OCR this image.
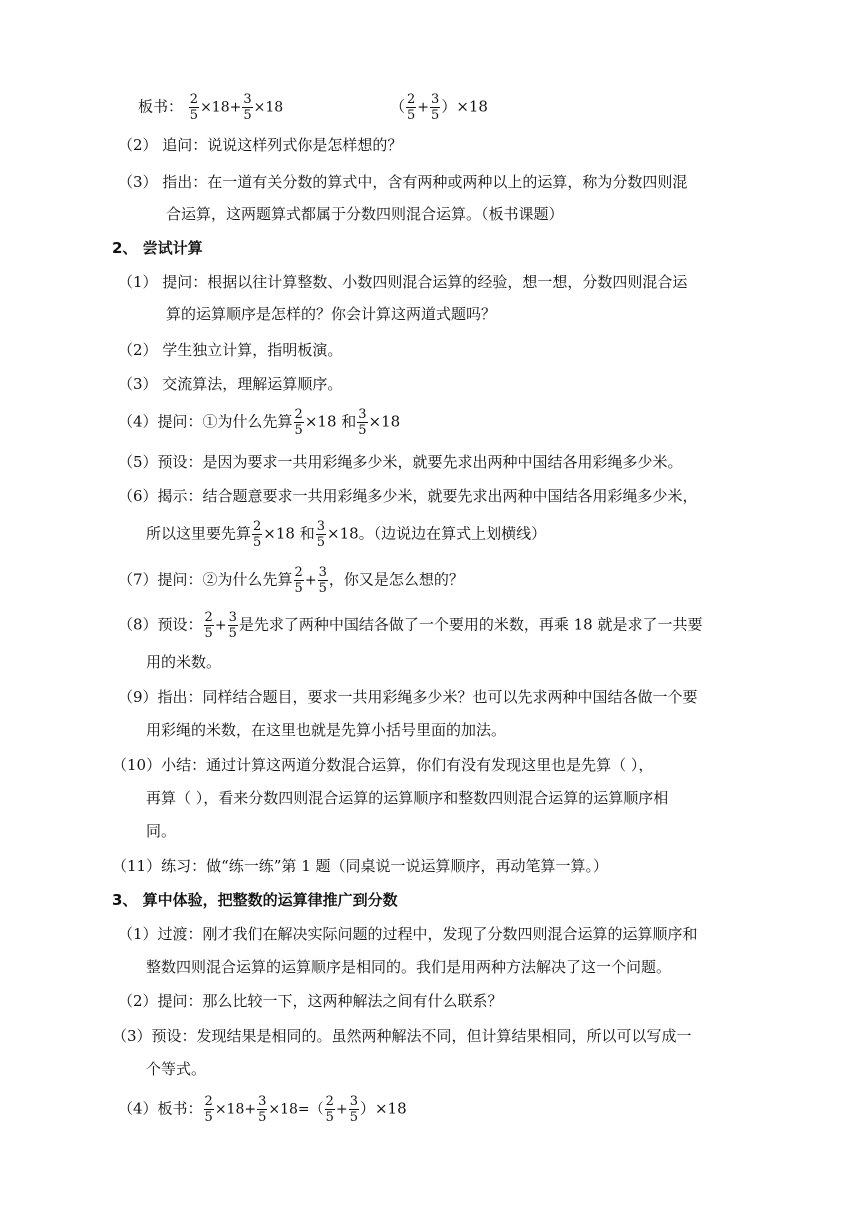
板书： $\frac{2}{5} \times 18+ \frac{3}{5} \times 18$	（ $\frac{2}{5} + \frac{3}{5} )\times 18$
（2） 追问：说说这样列式你是怎样想的？
（3） 指出：在一道有关分数的算式中，含有两种或两种以上的运算，称为分数四则混
合运算，这两题算式都属于分数四则混合运算。（板书课题）
2、 尝试计算
（1） 提问：根据以往计算整数、小数四则混合运算的经验，想一想，分数四则混合运
算的运算顺序是怎样的？你会计算这两道式题吗？
（2） 学生独立计算，指明板演。
（3） 交流算法，理解运算顺序。
（4）提问：①为什么先算 $\frac{2}{5} \times 18$ 和 $\frac{3}{5} \times 18$
（5）预设：是因为要求一共用彩绳多少米，就要先求出两种中国结各用彩绳多少米。
（6）揭示：结合题意要求一共用彩绳多少米，就要先求出两种中国结各用彩绳多少米，
所以这里要先算 $\frac{2}{5} \times 18$ 和 $\frac{3}{5} \times 18$。（边说边在算式上划横线）
（7）提问：②为什么先算 $\frac{2}{5} + \frac{3}{5}$ ，你又是怎么想的？
（8）预设： $\frac{2}{5} + \frac{3}{5}$ 是先求了两种中国结各做了一个要用的米数，再乘 18 就是求了一共要
用的米数。
（9）指出：同样结合题目，要求一共用彩绳多少米？也可以先求两种中国结各做一个要
用彩绳的米数，在这里也就是先算小括号里面的加法。
（10）小结：通过计算这两道分数混合运算，你们有没有发现这里也是先算（ ），
再算（ ），看来分数四则混合运算的运算顺序和整数四则混合运算的运算顺序相
同。
（11）练习：做“练一练”第 1 题（同桌说一说运算顺序，再动笔算一算。）
3、 算中体验，把整数的运算律推广到分数
（1）过渡：刚才我们在解决实际问题的过程中，发现了分数四则混合运算的运算顺序和
整数四则混合运算的运算顺序是相同的。我们是用两种方法解决了这一个问题。
（2）提问：那么比较一下，这两种解法之间有什么联系？
（3）预设：发现结果是相同的。虽然两种解法不同，但计算结果相同，所以可以写成一
个等式。
（4）板书： $\frac{2}{5} \times 18+ \frac{3}{5} \times 18=( \frac{2}{5} + \frac{3}{5} )\times 18$
